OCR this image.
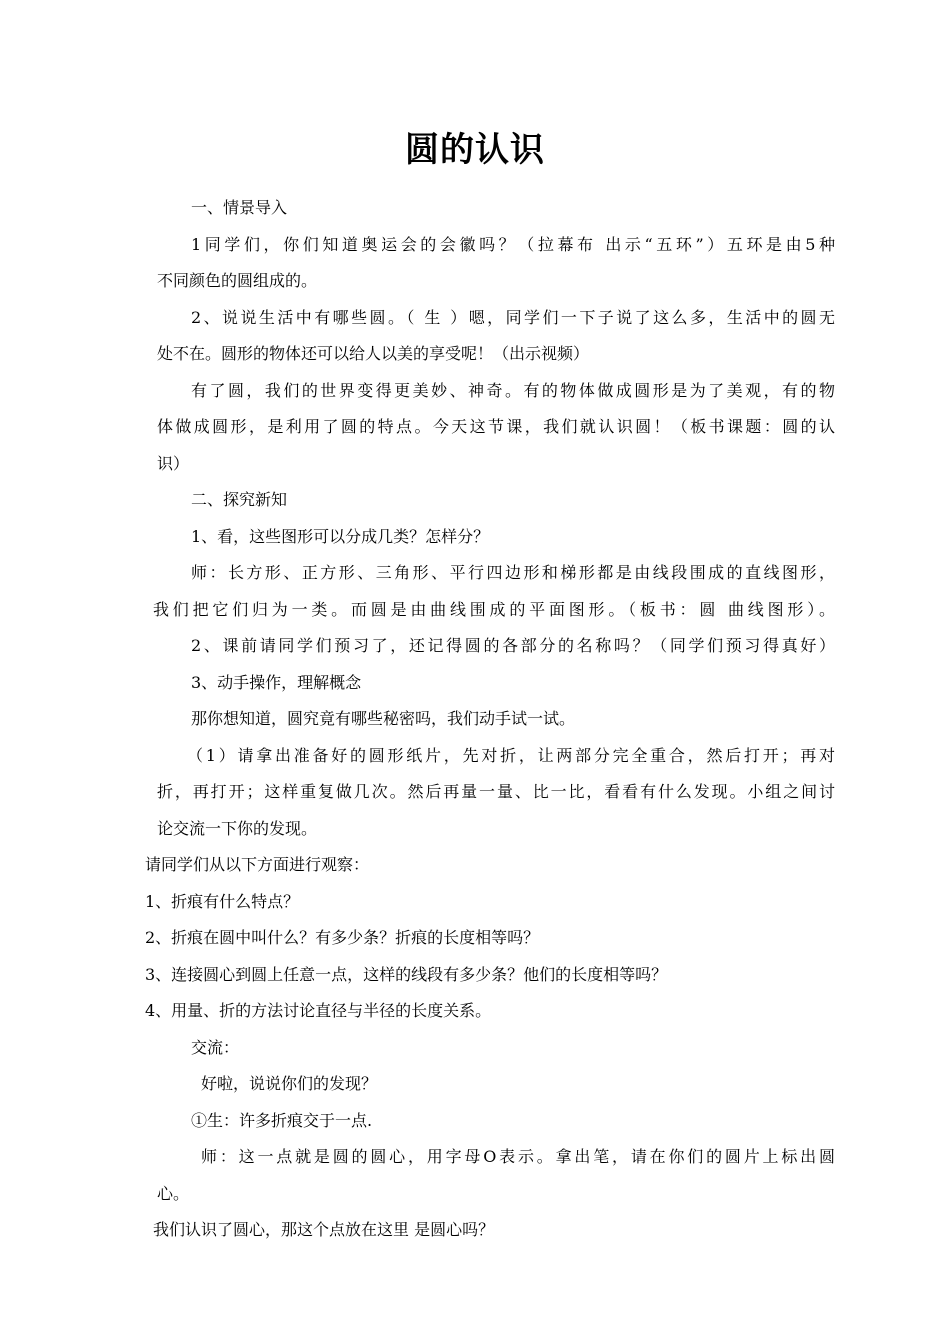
圆的认识

一、情景导入

1同学们，你们知道奥运会的会徽吗？（拉幕布 出示“五环”）五环是由5种

不同颜色的圆组成的。

2、说说生活中有哪些圆。（ 生 ）嗯，同学们一下子说了这么多，生活中的圆无

处不在。圆形的物体还可以给人以美的享受呢！（出示视频）

有了圆，我们的世界变得更美妙、神奇。有的物体做成圆形是为了美观，有的物

体做成圆形，是利用了圆的特点。今天这节课，我们就认识圆！（板书课题：圆的认

识）

二、探究新知

1、看，这些图形可以分成几类？怎样分？

师：长方形、正方形、三角形、平行四边形和梯形都是由线段围成的直线图形，

我们把它们归为一类。而圆是由曲线围成的平面图形。（板书：圆 曲线图形）。

2、课前请同学们预习了，还记得圆的各部分的名称吗？（同学们预习得真好）

3、动手操作，理解概念

那你想知道，圆究竟有哪些秘密吗，我们动手试一试。

（1）请拿出准备好的圆形纸片，先对折，让两部分完全重合，然后打开；再对

折，再打开；这样重复做几次。然后再量一量、比一比，看看有什么发现。小组之间讨

论交流一下你的发现。

请同学们从以下方面进行观察：

1、折痕有什么特点？

2、折痕在圆中叫什么？有多少条？折痕的长度相等吗？

3、连接圆心到圆上任意一点，这样的线段有多少条？他们的长度相等吗？

4、用量、折的方法讨论直径与半径的长度关系。

交流：

好啦，说说你们的发现？

①生：许多折痕交于一点.

师：这一点就是圆的圆心，用字母O表示。拿出笔，请在你们的圆片上标出圆

心。

我们认识了圆心，那这个点放在这里 是圆心吗？
